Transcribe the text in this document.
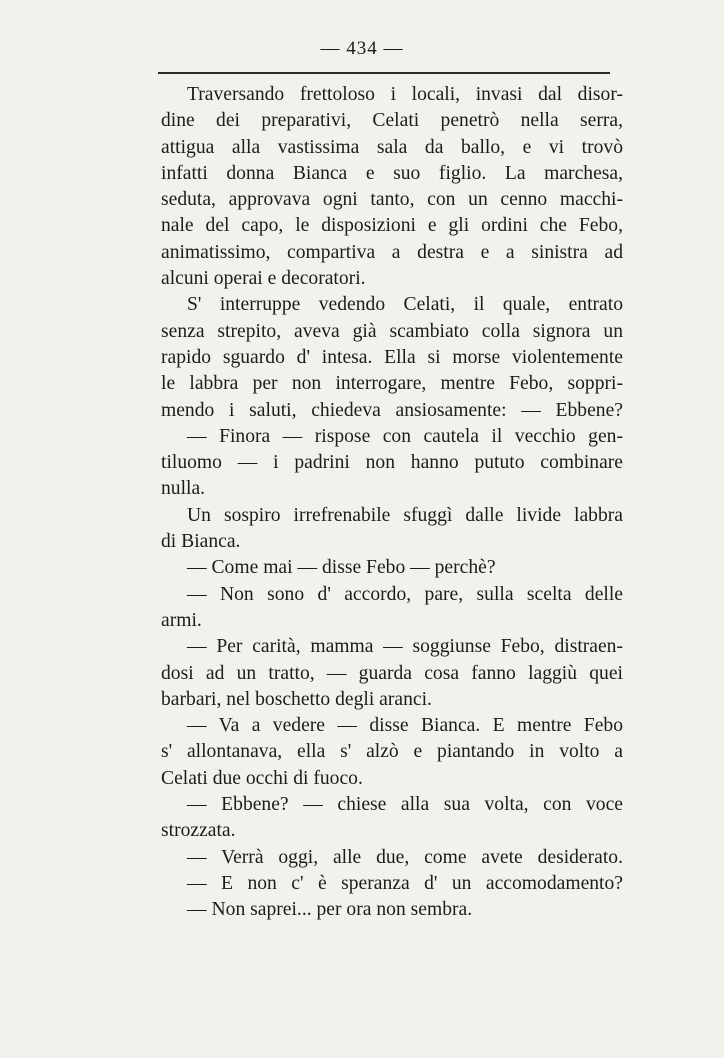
— 434 —
Traversando frettoloso i locali, invasi dal disor-
dine dei preparativi, Celati penetrò nella serra,
attigua alla vastissima sala da ballo, e vi trovò
infatti donna Bianca e suo figlio. La marchesa,
seduta, approvava ogni tanto, con un cenno macchi-
nale del capo, le disposizioni e gli ordini che Febo,
animatissimo, compartiva a destra e a sinistra ad
alcuni operai e decoratori.
S' interruppe vedendo Celati, il quale, entrato
senza strepito, aveva già scambiato colla signora un
rapido sguardo d' intesa. Ella si morse violentemente
le labbra per non interrogare, mentre Febo, soppri-
mendo i saluti, chiedeva ansiosamente: — Ebbene?
— Finora — rispose con cautela il vecchio gen-
tiluomo — i padrini non hanno pututo combinare
nulla.
Un sospiro irrefrenabile sfuggì dalle livide labbra
di Bianca.
— Come mai — disse Febo — perchè?
— Non sono d' accordo, pare, sulla scelta delle
armi.
— Per carità, mamma — soggiunse Febo, distraen-
dosi ad un tratto, — guarda cosa fanno laggiù quei
barbari, nel boschetto degli aranci.
— Va a vedere — disse Bianca. E mentre Febo
s' allontanava, ella s' alzò e piantando in volto a
Celati due occhi di fuoco.
— Ebbene? — chiese alla sua volta, con voce
strozzata.
— Verrà oggi, alle due, come avete desiderato.
— E non c' è speranza d' un accomodamento?
— Non saprei... per ora non sembra.
